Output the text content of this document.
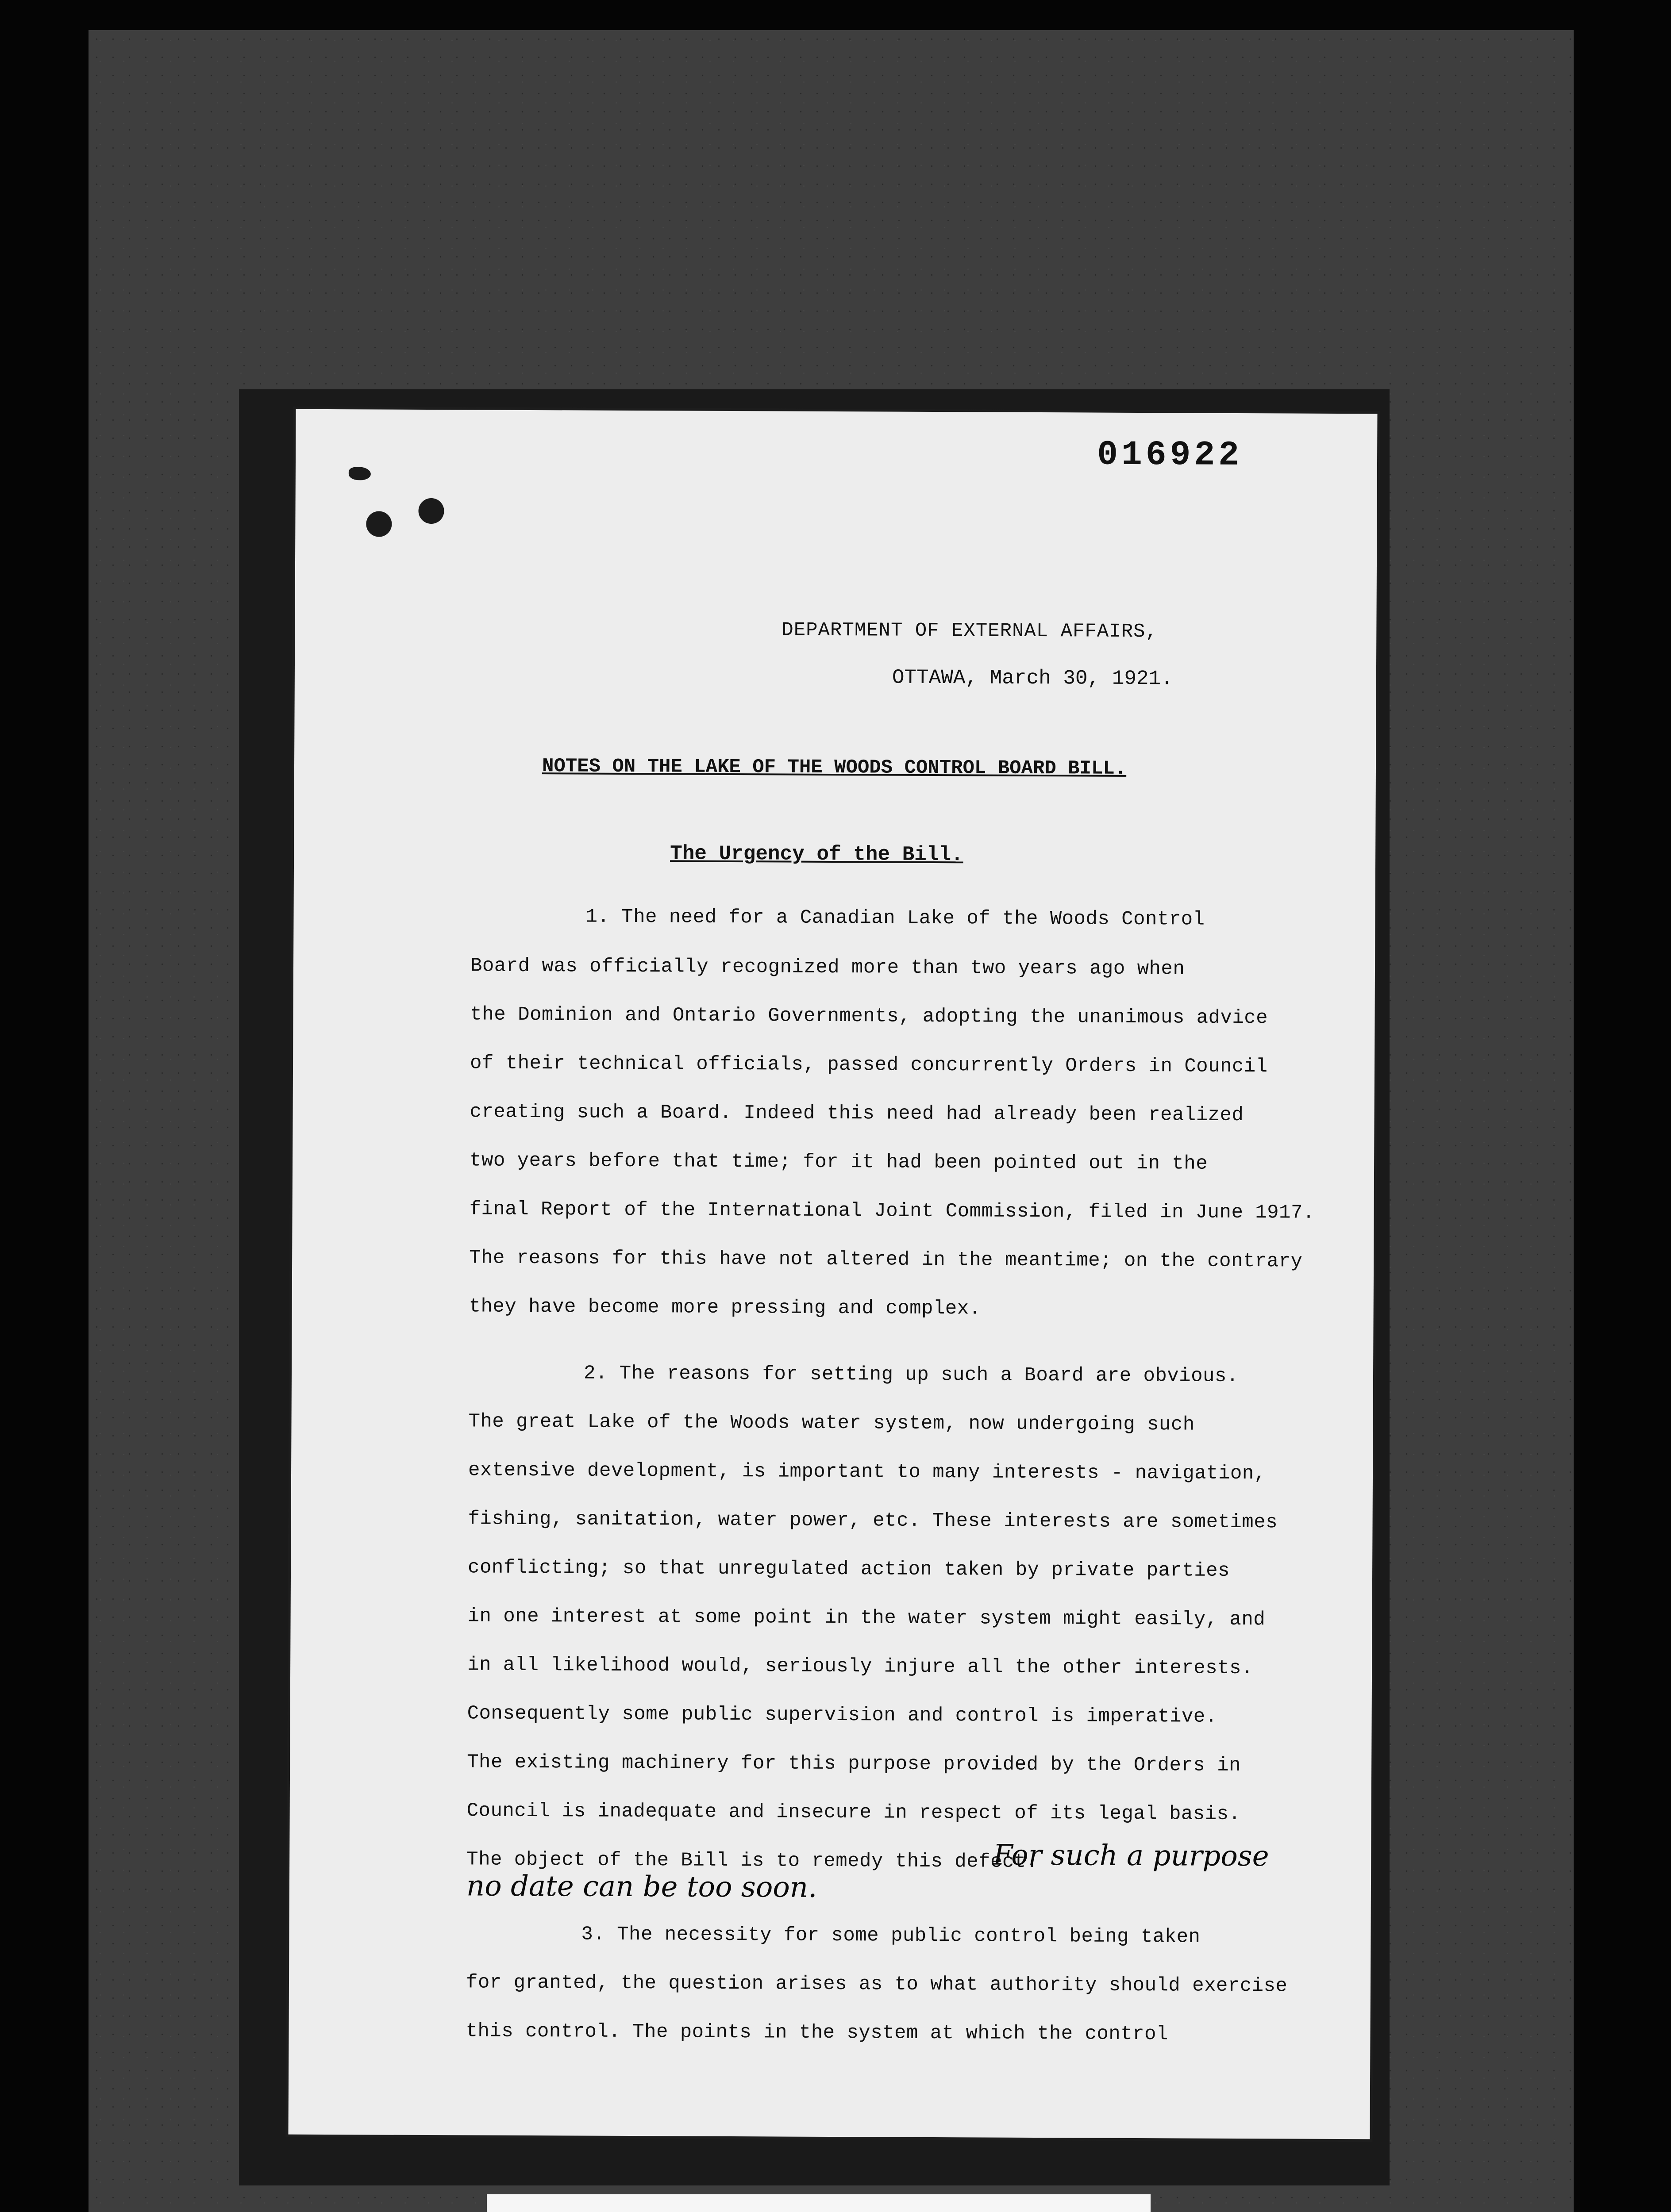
016922
DEPARTMENT OF EXTERNAL AFFAIRS,
OTTAWA, March 30, 1921.
NOTES ON THE LAKE OF THE WOODS CONTROL BOARD BILL.
The Urgency of the Bill.
1. The need for a Canadian Lake of the Woods Control
Board was officially recognized more than two years ago when
the Dominion and Ontario Governments, adopting the unanimous advice
of their technical officials, passed concurrently Orders in Council
creating such a Board. Indeed this need had already been realized
two years before that time; for it had been pointed out in the
final Report of the International Joint Commission, filed in June 1917.
The reasons for this have not altered in the meantime; on the contrary
they have become more pressing and complex.
2. The reasons for setting up such a Board are obvious.
The great Lake of the Woods water system, now undergoing such
extensive development, is important to many interests - navigation,
fishing, sanitation, water power, etc. These interests are sometimes
conflicting; so that unregulated action taken by private parties
in one interest at some point in the water system might easily, and
in all likelihood would, seriously injure all the other interests.
Consequently some public supervision and control is imperative.
The existing machinery for this purpose provided by the Orders in
Council is inadequate and insecure in respect of its legal basis.
The object of the Bill is to remedy this defect.
For such a purpose
no date can be too soon.
3. The necessity for some public control being taken
for granted, the question arises as to what authority should exercise
this control. The points in the system at which the control
